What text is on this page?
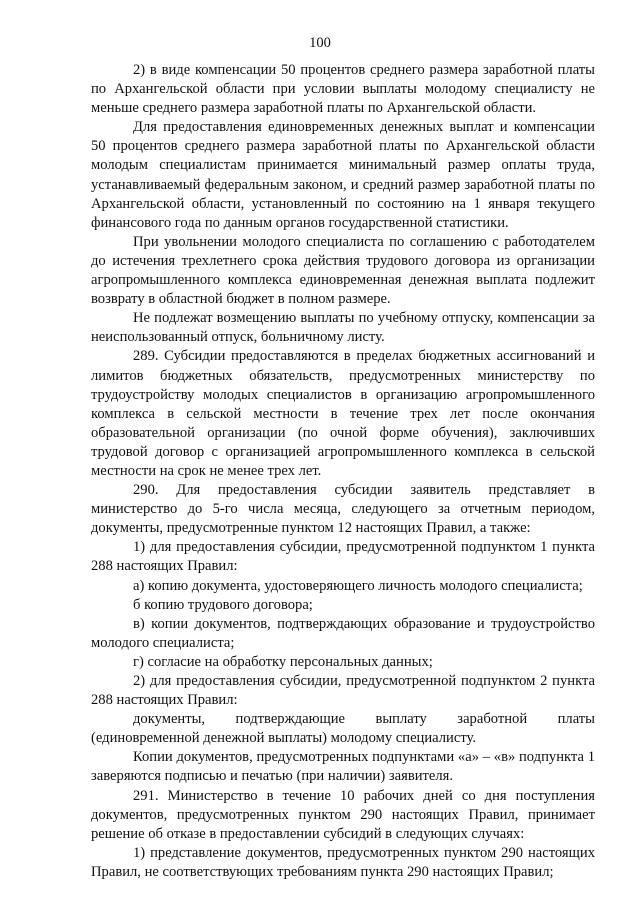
100

2) в виде компенсации 50 процентов среднего размера заработной платы по Архангельской области при условии выплаты молодому специалисту не меньше среднего размера заработной платы по Архангельской области.

Для предоставления единовременных денежных выплат и компенсации 50 процентов среднего размера заработной платы по Архангельской области молодым специалистам принимается минимальный размер оплаты труда, устанавливаемый федеральным законом, и средний размер заработной платы по Архангельской области, установленный по состоянию на 1 января текущего финансового года по данным органов государственной статистики.

При увольнении молодого специалиста по соглашению с работодателем до истечения трехлетнего срока действия трудового договора из организации агропромышленного комплекса единовременная денежная выплата подлежит возврату в областной бюджет в полном размере.

Не подлежат возмещению выплаты по учебному отпуску, компенсации за неиспользованный отпуск, больничному листу.

289. Субсидии предоставляются в пределах бюджетных ассигнований и лимитов бюджетных обязательств, предусмотренных министерству по трудоустройству молодых специалистов в организацию агропромышленного комплекса в сельской местности в течение трех лет после окончания образовательной организации (по очной форме обучения), заключивших трудовой договор с организацией агропромышленного комплекса в сельской местности на срок не менее трех лет.

290. Для предоставления субсидии заявитель представляет в министерство до 5-го числа месяца, следующего за отчетным периодом, документы, предусмотренные пунктом 12 настоящих Правил, а также:

1) для предоставления субсидии, предусмотренной подпунктом 1 пункта 288 настоящих Правил:

а) копию документа, удостоверяющего личность молодого специалиста;

б копию трудового договора;

в) копии документов, подтверждающих образование и трудоустройство молодого специалиста;

г) согласие на обработку персональных данных;

2) для предоставления субсидии, предусмотренной подпунктом 2 пункта 288 настоящих Правил:

документы, подтверждающие выплату заработной платы (единовременной денежной выплаты) молодому специалисту.

Копии документов, предусмотренных подпунктами «а» – «в» подпункта 1 заверяются подписью и печатью (при наличии) заявителя.

291. Министерство в течение 10 рабочих дней со дня поступления документов, предусмотренных пунктом 290 настоящих Правил, принимает решение об отказе в предоставлении субсидий в следующих случаях:

1) представление документов, предусмотренных пунктом 290 настоящих Правил, не соответствующих требованиям пункта 290 настоящих Правил;
